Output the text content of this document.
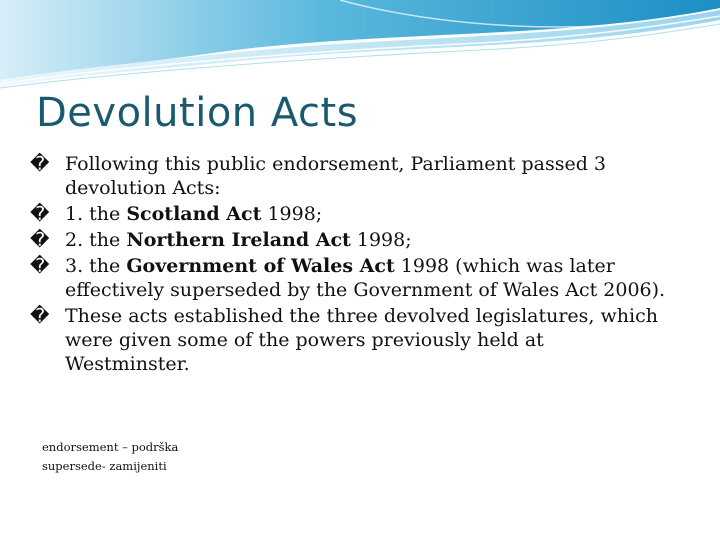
Devolution Acts
� Following this public endorsement, Parliament passed 3 devolution Acts:
� 1. the Scotland Act 1998;
� 2. the Northern Ireland Act 1998;
� 3. the Government of Wales Act 1998 (which was later effectively superseded by the Government of Wales Act 2006).
� These acts established the three devolved legislatures, which were given some of the powers previously held at Westminster.
endorsement – podrška
supersede- zamijeniti
